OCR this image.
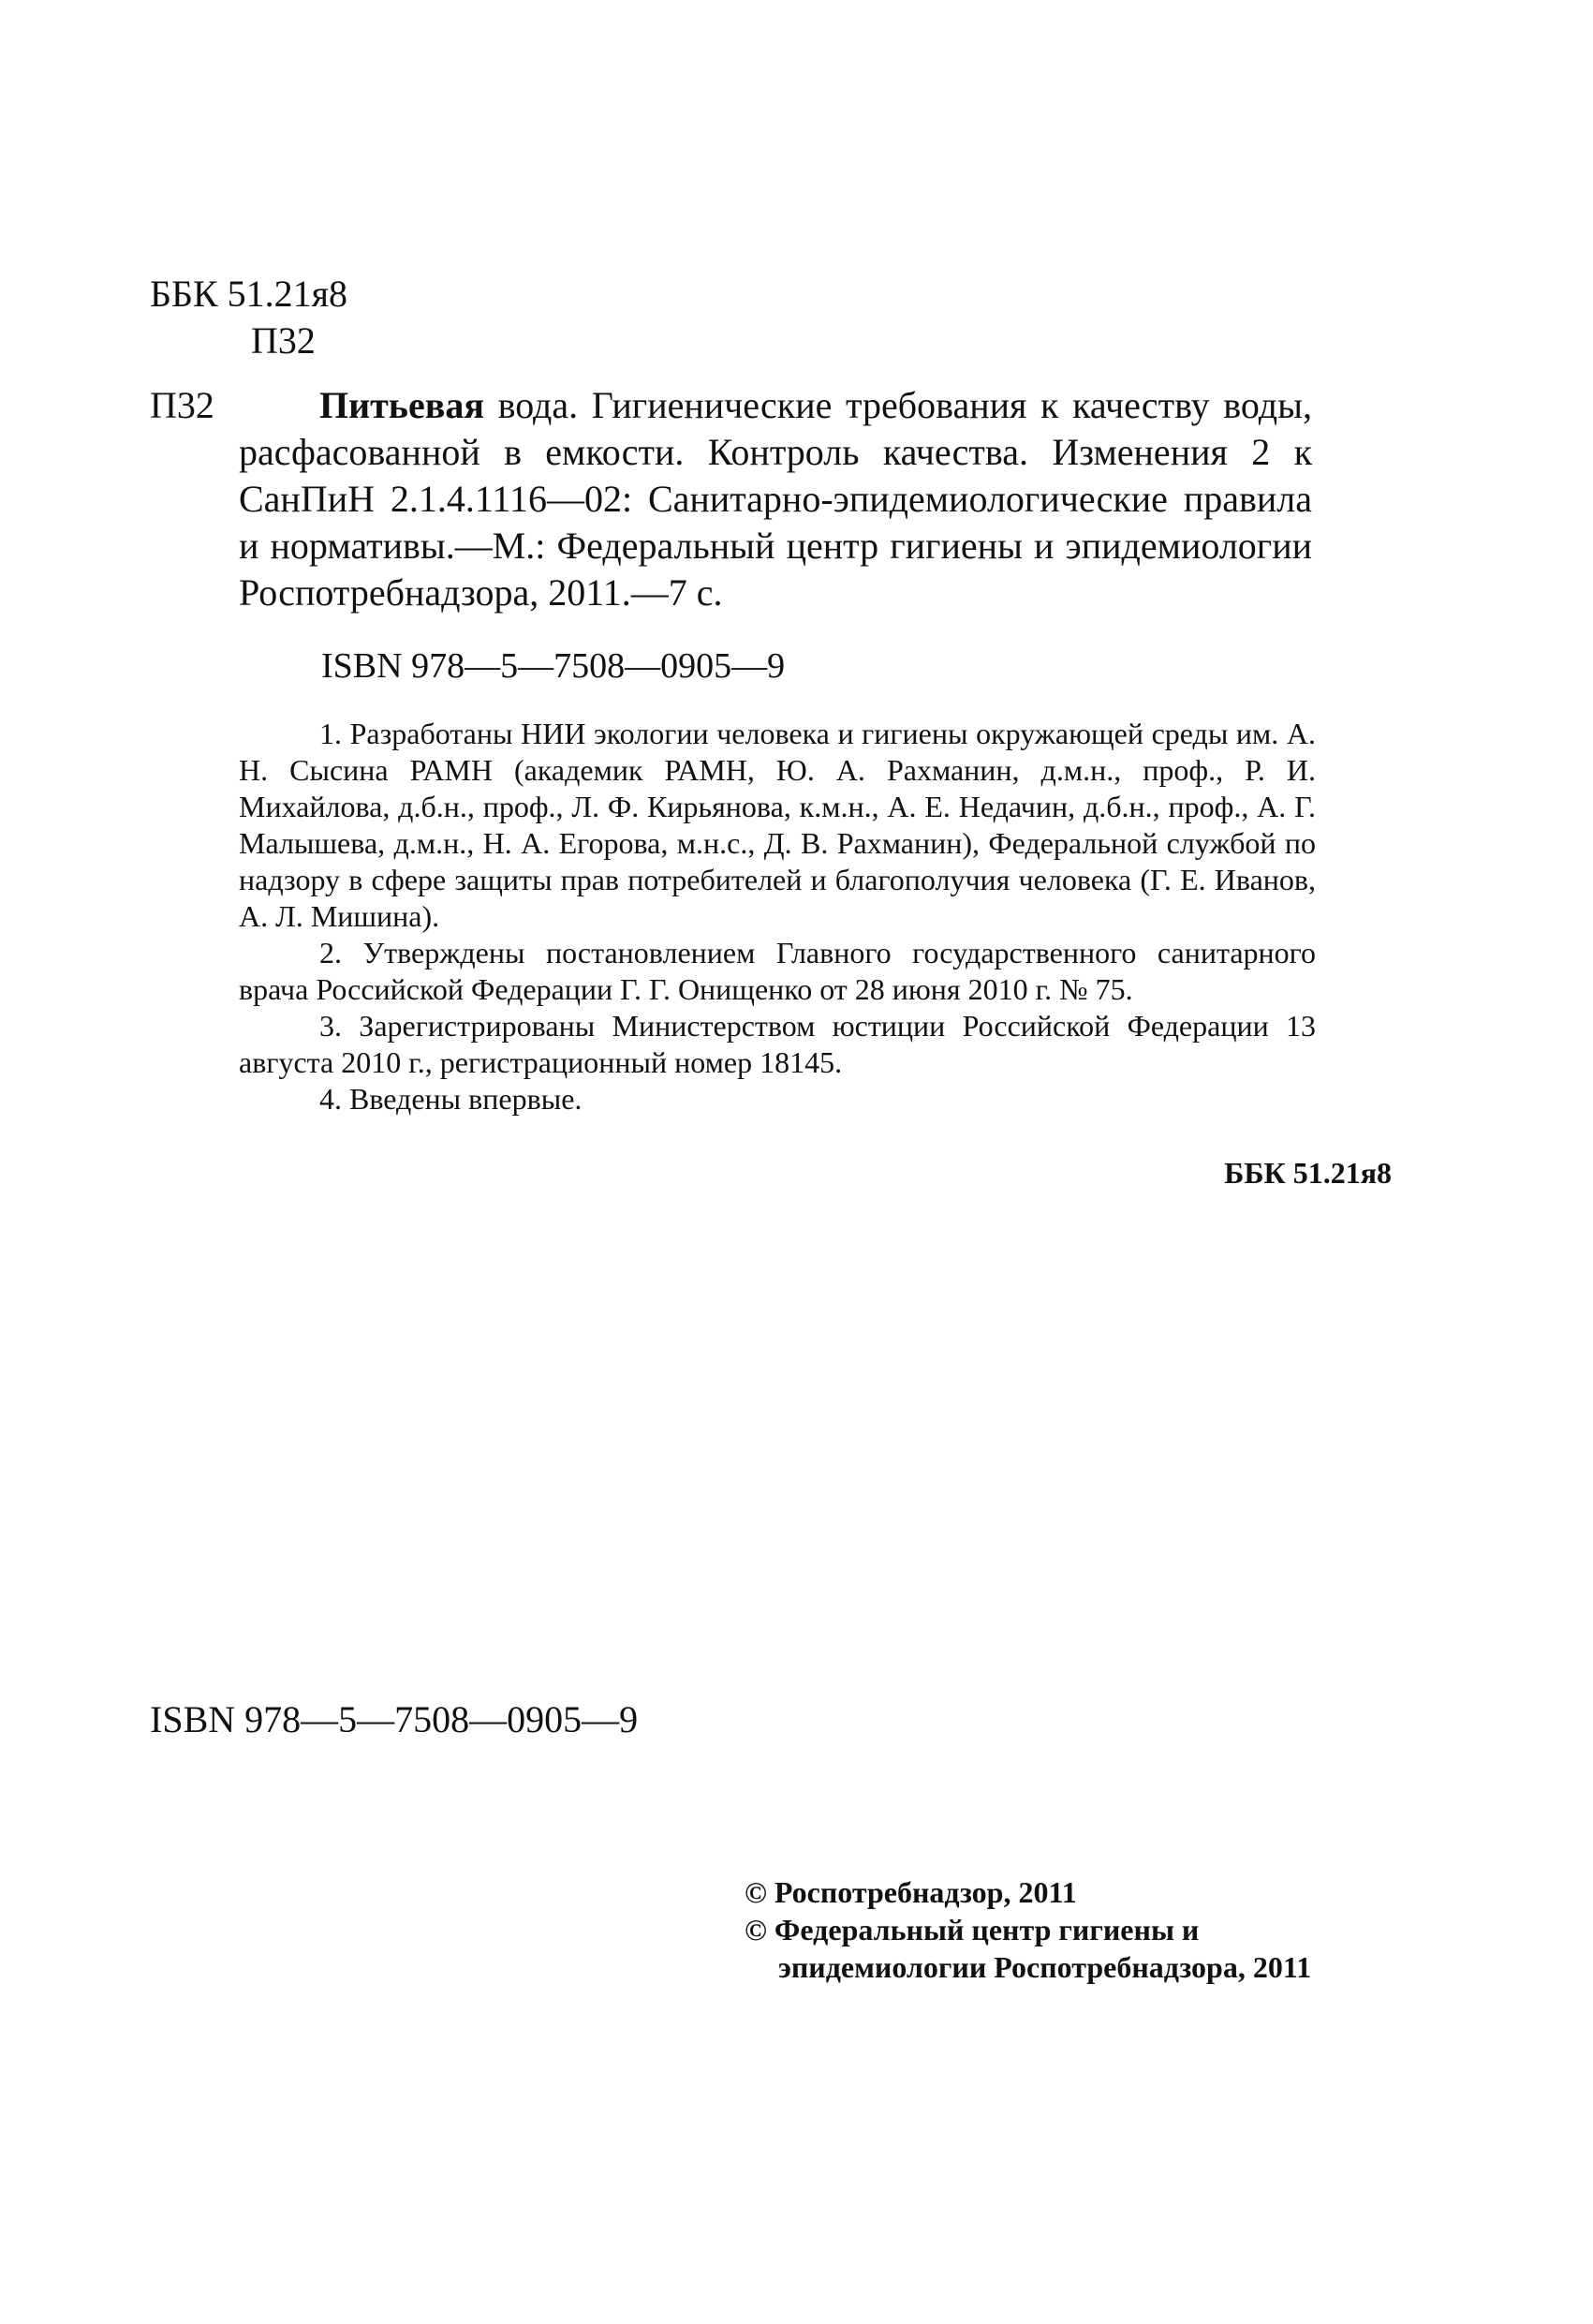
ББК 51.21я8
П32
П32	Питьевая вода. Гигиенические требования к качеству воды, расфасованной в емкости. Контроль качества. Изменения 2 к СанПиН 2.1.4.1116—02: Санитарно-эпидемиологические правила и нормативы.—М.: Федеральный центр гигиены и эпидемиологии Роспотребнадзора, 2011.—7 с.
ISBN 978—5—7508—0905—9

1. Разработаны НИИ экологии человека и гигиены окружающей среды им. А. Н. Сысина РАМН (академик РАМН, Ю. А. Рахманин, д.м.н., проф., Р. И. Михайлова, д.б.н., проф., Л. Ф. Кирьянова, к.м.н., А. Е. Недачин, д.б.н., проф., А. Г. Малышева, д.м.н., Н. А. Егорова, м.н.с., Д. В. Рахманин), Федеральной службой по надзору в сфере защиты прав потребителей и благополучия человека (Г. Е. Иванов, А. Л. Мишина).

2. Утверждены постановлением Главного государственного санитарного врача Российской Федерации Г. Г. Онищенко от 28 июня 2010 г. № 75.

3. Зарегистрированы Министерством юстиции Российской Федерации 13 августа 2010 г., регистрационный номер 18145.

4. Введены впервые.

ББК 51.21я8
ISBN 978—5—7508—0905—9
© Роспотребнадзор, 2011
© Федеральный центр гигиены и
эпидемиологии Роспотребнадзора, 2011
